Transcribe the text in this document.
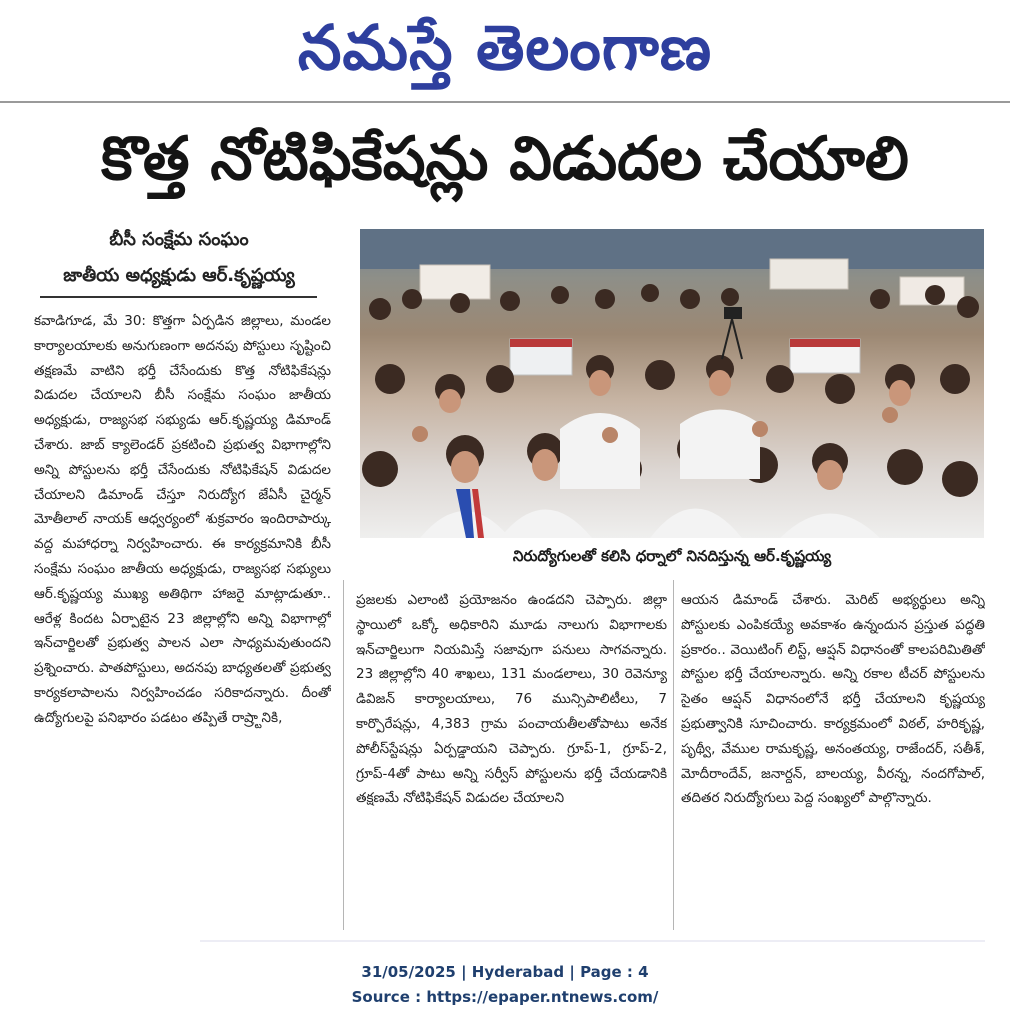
నమస్తే తెలంగాణ
కొత్త నోటిఫికేషన్లు విడుదల చేయాలి
బీసీ సంక్షేమ సంఘం
జాతీయ అధ్యక్షుడు ఆర్.కృష్ణయ్య
నిరుద్యోగులతో కలిసి ధర్నాలో నినదిస్తున్న ఆర్.కృష్ణయ్య

కవాడిగూడ, మే 30: కొత్తగా ఏర్పడిన జిల్లాలు, మండల కార్యాలయాలకు అనుగుణంగా అదనపు పోస్టులు సృష్టించి తక్షణమే వాటిని భర్తీ చేసేందుకు కొత్త నోటిఫికేషన్లు విడుదల చేయాలని బీసీ సంక్షేమ సంఘం జాతీయ అధ్యక్షుడు, రాజ్యసభ సభ్యుడు ఆర్.కృష్ణయ్య డిమాండ్ చేశారు. జాబ్ క్యాలెండర్ ప్రకటించి ప్రభుత్వ విభాగాల్లోని అన్ని పోస్టులను భర్తీ చేసేందుకు నోటిఫికేషన్ విడుదల చేయాలని డిమాండ్ చేస్తూ నిరుద్యోగ జేఏసీ చైర్మన్ మోతీలాల్ నాయక్ ఆధ్వర్యంలో శుక్రవారం ఇందిరాపార్కు వద్ద మహాధర్నా నిర్వహించారు. ఈ కార్యక్రమానికి బీసీ సంక్షేమ సంఘం జాతీయ అధ్యక్షుడు, రాజ్యసభ సభ్యులు ఆర్.కృష్ణయ్య ముఖ్య అతిథిగా హాజరై మాట్లాడుతూ.. ఆరేళ్ల కిందట ఏర్పాటైన 23 జిల్లాల్లోని అన్ని విభాగాల్లో ఇన్‌చార్జిలతో ప్రభుత్వ పాలన ఎలా సాధ్యమవుతుందని ప్రశ్నించారు. పాతపోస్టులు, అదనపు బాధ్యతలతో ప్రభుత్వ కార్యకలాపాలను నిర్వహించడం సరికాదన్నారు. దీంతో ఉద్యోగులపై పనిభారం పడటం తప్పితే రాష్ర్టానికి,

ప్రజలకు ఎలాంటి ప్రయోజనం ఉండదని చెప్పారు. జిల్లా స్థాయిలో ఒక్కో అధికారిని మూడు నాలుగు విభాగాలకు ఇన్‌చార్జిలుగా నియమిస్తే సజావుగా పనులు సాగవన్నారు. 23 జిల్లాల్లోని 40 శాఖలు, 131 మండలాలు, 30 రెవెన్యూ డివిజన్ కార్యాలయాలు, 76 మున్సిపాలిటీలు, 7 కార్పొరేషన్లు, 4,383 గ్రామ పంచాయతీలతోపాటు అనేక పోలీస్‌స్టేషన్లు ఏర్పడ్డాయని చెప్పారు. గ్రూప్-1, గ్రూప్-2, గ్రూప్-4తో పాటు అన్ని సర్వీస్ పోస్టులను భర్తీ చేయడానికి తక్షణమే నోటిఫికేషన్ విడుదల చేయాలని

ఆయన డిమాండ్ చేశారు. మెరిట్ అభ్యర్థులు అన్ని పోస్టులకు ఎంపికయ్యే అవకాశం ఉన్నందున ప్రస్తుత పద్ధతి ప్రకారం.. వెయిటింగ్ లిస్ట్, ఆప్షన్ విధానంతో కాలపరిమితితో పోస్టుల భర్తీ చేయాలన్నారు. అన్ని రకాల టీచర్ పోస్టులను సైతం ఆప్షన్ విధానంలోనే భర్తీ చేయాలని కృష్ణయ్య ప్రభుత్వానికి సూచించారు. కార్యక్రమంలో విఠల్, హరికృష్ణ, పృథ్వీ, వేముల రామకృష్ణ, అనంతయ్య, రాజేందర్, సతీశ్, మోదీరాందేవ్, జనార్దన్, బాలయ్య, వీరన్న, నందగోపాల్, తదితర నిరుద్యోగులు పెద్ద సంఖ్యలో పాల్గొన్నారు.

31/05/2025 | Hyderabad | Page : 4
Source : https://epaper.ntnews.com/
